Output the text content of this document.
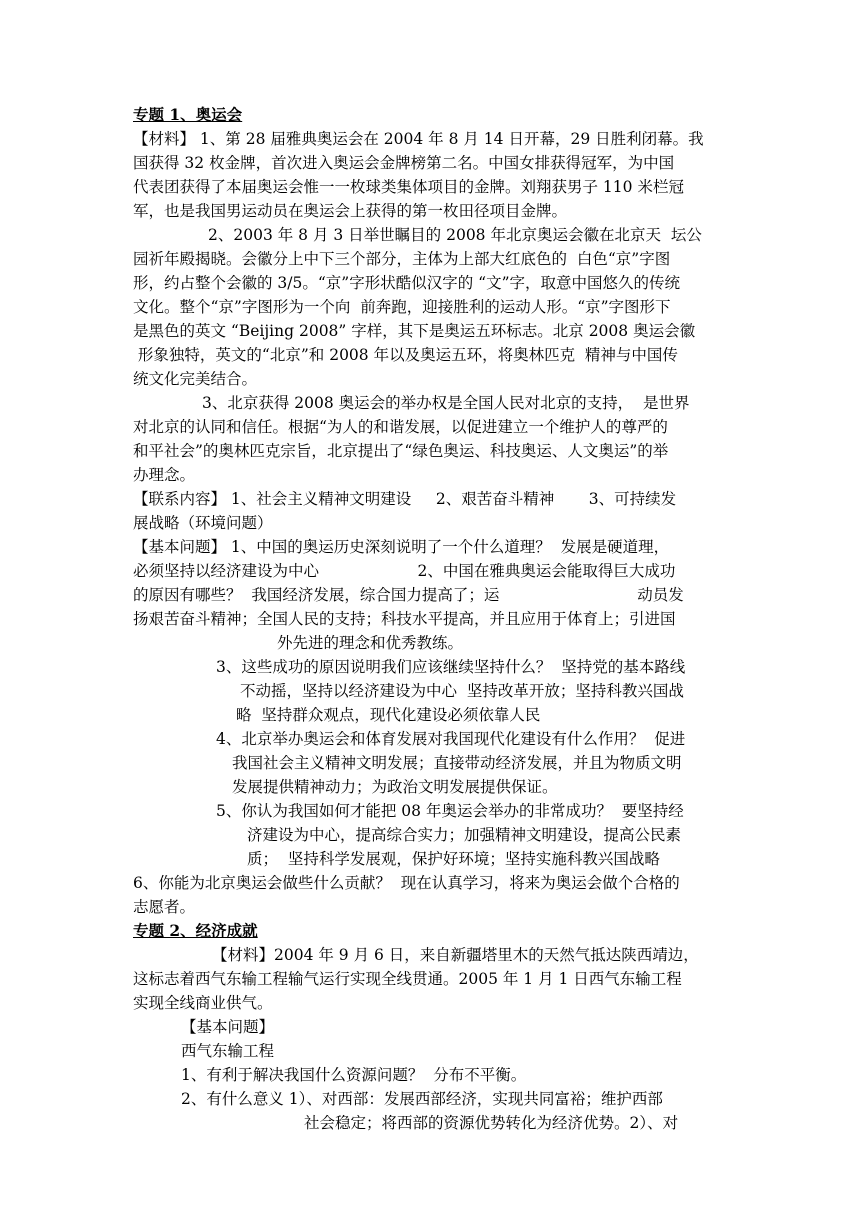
专题 1、奥运会
【材料】 1、第 28 届雅典奥运会在 2004 年 8 月 14 日开幕，29 日胜利闭幕。我
国获得 32 枚金牌，首次进入奥运会金牌榜第二名。中国女排获得冠军，为中国
代表团获得了本届奥运会惟一一枚球类集体项目的金牌。刘翔获男子 110 米栏冠
军，也是我国男运动员在奥运会上获得的第一枚田径项目金牌。
2、2003 年 8 月 3 日举世瞩目的 2008 年北京奥运会徽在北京天  坛公
园祈年殿揭晓。会徽分上中下三个部分，主体为上部大红底色的  白色“京”字图
形，约占整个会徽的 3/5。“京”字形状酷似汉字的 “文”字，取意中国悠久的传统
文化。整个“京”字图形为一个向  前奔跑，迎接胜利的运动人形。“京”字图形下
是黑色的英文 “Beijing 2008” 字样，其下是奥运五环标志。北京 2008 奥运会徽
形象独特，英文的“北京”和 2008 年以及奥运五环，将奥林匹克  精神与中国传
统文化完美结合。
3、北京获得 2008 奥运会的举办权是全国人民对北京的支持，  是世界
对北京的认同和信任。根据“为人的和谐发展，以促进建立一个维护人的尊严的
和平社会”的奥林匹克宗旨，北京提出了“绿色奥运、科技奥运、人文奥运”的举
办理念。
【联系内容】 1、社会主义精神文明建设     2、艰苦奋斗精神       3、可持续发
展战略（环境问题）
【基本问题】 1、中国的奥运历史深刻说明了一个什么道理？  发展是硬道理，
必须坚持以经济建设为中心                    2、中国在雅典奥运会能取得巨大成功
的原因有哪些？  我国经济发展，综合国力提高了；运                            动员发
扬艰苦奋斗精神；全国人民的支持；科技水平提高，并且应用于体育上；引进国
外先进的理念和优秀教练。
3、这些成功的原因说明我们应该继续坚持什么？  坚持党的基本路线
不动摇，坚持以经济建设为中心  坚持改革开放；坚持科教兴国战
略  坚持群众观点，现代化建设必须依靠人民
4、北京举办奥运会和体育发展对我国现代化建设有什么作用？  促进
我国社会主义精神文明发展；直接带动经济发展，并且为物质文明
发展提供精神动力；为政治文明发展提供保证。
5、你认为我国如何才能把 08 年奥运会举办的非常成功？  要坚持经
济建设为中心，提高综合实力；加强精神文明建设，提高公民素
质；  坚持科学发展观，保护好环境；坚持实施科教兴国战略
6、你能为北京奥运会做些什么贡献？  现在认真学习，将来为奥运会做个合格的
志愿者。
专题 2、经济成就
【材料】2004 年 9 月 6 日，来自新疆塔里木的天然气抵达陕西靖边，
这标志着西气东输工程输气运行实现全线贯通。2005 年 1 月 1 日西气东输工程
实现全线商业供气。
【基本问题】
西气东输工程
1、有利于解决我国什么资源问题？  分布不平衡。
2、有什么意义 1）、对西部：发展西部经济，实现共同富裕；维护西部
社会稳定；将西部的资源优势转化为经济优势。2）、对
